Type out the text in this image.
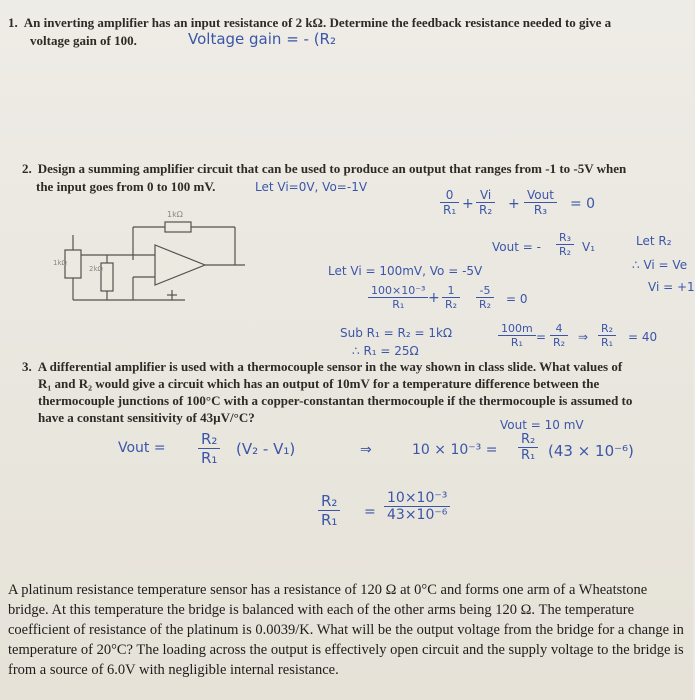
1. An inverting amplifier has an input resistance of 2 kΩ. Determine the feedback resistance needed to give a
voltage gain of 100.	Voltage gain = - (R₂
2. Design a summing amplifier circuit that can be used to produce an output that ranges from -1 to -5V when
the input goes from 0 to 100 mV.	Let Vi=0V, Vo=-1V
$\frac{0}{\text{R₁}} + \frac{Vi}{\text{R₂}}$ +
Vout
R₃	= 0
Vout = - $\frac{\text{R₃}}{\text{R₂}} V_1$	Let R₂
∴ Vi = Ve
Vi = +1
Let Vi = 100mV, Vo = -5V
$\frac{\text{100×10⁻³}}{\text{R₁}} + \frac{1}{\text{R₂}} \frac{-5}{\text{R₂}} = 0$
Sub R₁ = R₂ = 1kΩ
∴ R₁ = 25Ω
$\frac{100m}{\text{R₁}} = \frac{4}{\text{R₂}}$ ⇒ $\frac{\text{R₂}}{\text{R₁}} = 40$
1kΩ
1kΩ
2kΩ
3. A differential amplifier is used with a thermocouple sensor in the way shown in class slide. What values of
R₁ and R₂ would give a circuit which has an output of 10mV for a temperature difference between the
thermocouple junctions of 100°C with a copper-constantan thermocouple if the thermocouple is assumed to
have a constant sensitivity of 43µV/°C?	Vout = 10 mV
Vout = $\frac{\text{R₂}}{\text{R₁}} (V_2 - V_1)$	⇒	$10 \times 10^{-3} = \frac{\text{R₂}}{\text{R₁}} (43 \times 10^{-6})$
$\frac{\text{R₂}}{\text{R₁}} = \frac{\text{10×10⁻³}}{\text{43×10⁻⁶}}$
A platinum resistance temperature sensor has a resistance of 120 Ω at 0°C and forms one arm of a Wheatstone bridge. At this temperature the bridge is balanced with each of the other arms being 120 Ω. The temperature coefficient of resistance of the platinum is 0.0039/K. What will be the output voltage from the bridge for a change in temperature of 20°C? The loading across the output is effectively open circuit and the supply voltage to the bridge is from a source of 6.0V with negligible internal resistance.
